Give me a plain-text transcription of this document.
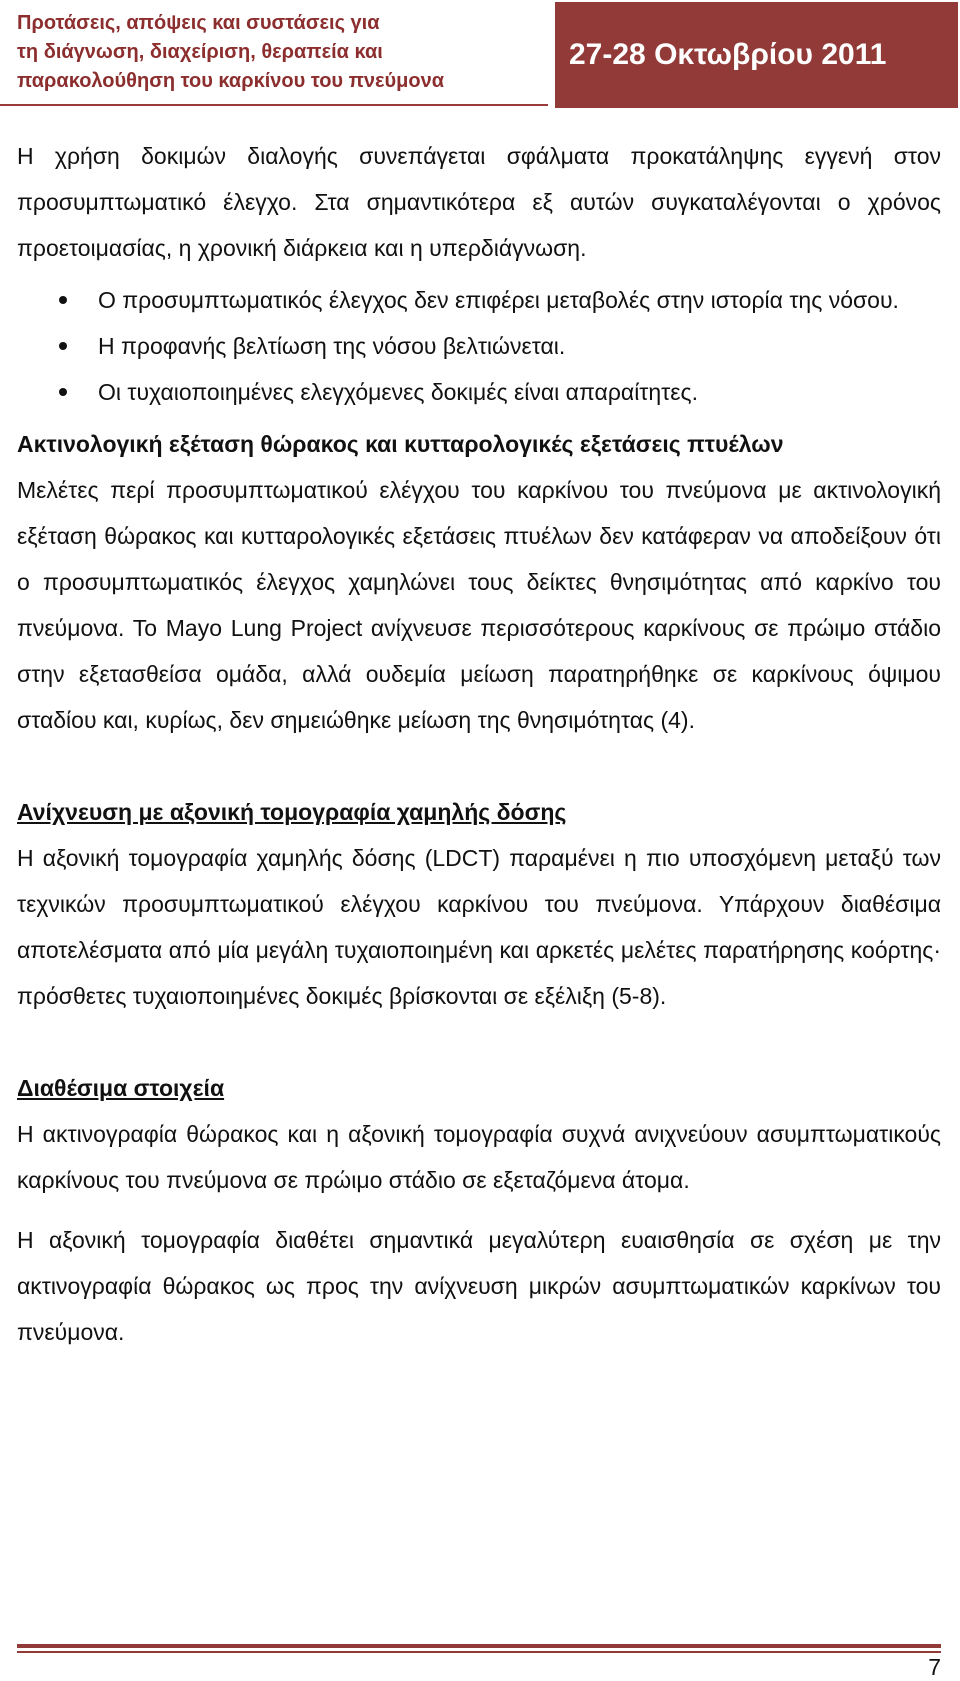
Προτάσεις, απόψεις και συστάσεις για
τη διάγνωση, διαχείριση, θεραπεία και
παρακολούθηση του καρκίνου του πνεύμονα
27-28 Οκτωβρίου 2011

Η χρήση δοκιμών διαλογής συνεπάγεται σφάλματα προκατάληψης εγγενή στον προσυμπτωματικό έλεγχο. Στα σημαντικότερα εξ αυτών συγκαταλέγονται ο χρόνος προετοιμασίας, η χρονική διάρκεια και η υπερδιάγνωση.

Ο προσυμπτωματικός έλεγχος δεν επιφέρει μεταβολές στην ιστορία της νόσου.
Η προφανής βελτίωση της νόσου βελτιώνεται.
Οι τυχαιοποιημένες ελεγχόμενες δοκιμές είναι απαραίτητες.
Ακτινολογική εξέταση θώρακος και κυτταρολογικές εξετάσεις πτυέλων

Μελέτες περί προσυμπτωματικού ελέγχου του καρκίνου του πνεύμονα με ακτινολογική εξέταση θώρακος και κυτταρολογικές εξετάσεις πτυέλων δεν κατάφεραν να αποδείξουν ότι ο προσυμπτωματικός έλεγχος χαμηλώνει τους δείκτες θνησιμότητας από καρκίνο του πνεύμονα. Το Mayo Lung Project ανίχνευσε περισσότερους καρκίνους σε πρώιμο στάδιο στην εξετασθείσα ομάδα, αλλά ουδεμία μείωση παρατηρήθηκε σε καρκίνους όψιμου σταδίου και, κυρίως, δεν σημειώθηκε μείωση της θνησιμότητας (4).

Ανίχνευση με αξονική τομογραφία χαμηλής δόσης

Η αξονική τομογραφία χαμηλής δόσης (LDCT) παραμένει η πιο υποσχόμενη μεταξύ των τεχνικών προσυμπτωματικού ελέγχου καρκίνου του πνεύμονα. Υπάρχουν διαθέσιμα αποτελέσματα από μία μεγάλη τυχαιοποιημένη και αρκετές μελέτες παρατήρησης κοόρτης· πρόσθετες τυχαιοποιημένες δοκιμές βρίσκονται σε εξέλιξη (5-8).

Διαθέσιμα στοιχεία

Η ακτινογραφία θώρακος και η αξονική τομογραφία συχνά ανιχνεύουν ασυμπτωματικούς καρκίνους του πνεύμονα σε πρώιμο στάδιο σε εξεταζόμενα άτομα.

Η αξονική τομογραφία διαθέτει σημαντικά μεγαλύτερη ευαισθησία σε σχέση με την ακτινογραφία θώρακος ως προς την ανίχνευση μικρών ασυμπτωματικών καρκίνων του πνεύμονα.

7
